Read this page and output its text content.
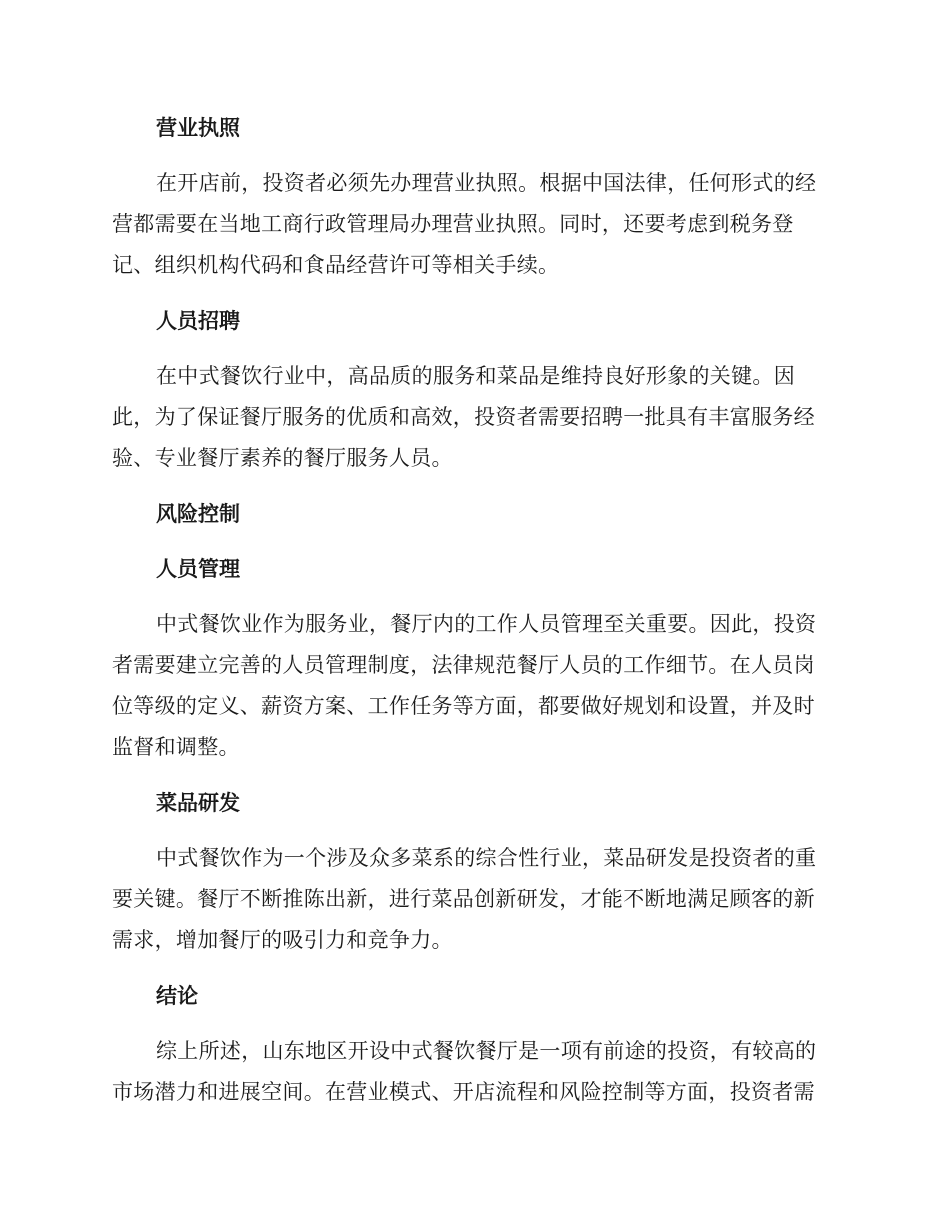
营业执照
在开店前，投资者必须先办理营业执照。根据中国法律，任何形式的经
营都需要在当地工商行政管理局办理营业执照。同时，还要考虑到税务登
记、组织机构代码和食品经营许可等相关手续。
人员招聘
在中式餐饮行业中，高品质的服务和菜品是维持良好形象的关键。因
此，为了保证餐厅服务的优质和高效，投资者需要招聘一批具有丰富服务经
验、专业餐厅素养的餐厅服务人员。
风险控制
人员管理
中式餐饮业作为服务业，餐厅内的工作人员管理至关重要。因此，投资
者需要建立完善的人员管理制度，法律规范餐厅人员的工作细节。在人员岗
位等级的定义、薪资方案、工作任务等方面，都要做好规划和设置，并及时
监督和调整。
菜品研发
中式餐饮作为一个涉及众多菜系的综合性行业，菜品研发是投资者的重
要关键。餐厅不断推陈出新，进行菜品创新研发，才能不断地满足顾客的新
需求，增加餐厅的吸引力和竞争力。
结论
综上所述，山东地区开设中式餐饮餐厅是一项有前途的投资，有较高的
市场潜力和进展空间。在营业模式、开店流程和风险控制等方面，投资者需
